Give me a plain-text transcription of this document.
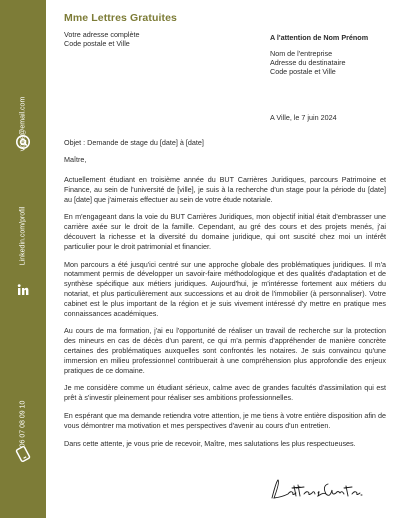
votre@email.com
Linkedin.com/profil
06 07 08 09 10
Mme Lettres Gratuites
Votre adresse complète
Code postale et Ville
A l'attention de Nom Prénom
Nom de l'entreprise
Adresse du destinataire
Code postale et Ville
A Ville, le 7 juin 2024
Objet : Demande de stage du [date] à [date]
Maître,

Actuellement étudiant en troisième année du BUT Carrières Juridiques, parcours Patrimoine et Finance, au sein de l'université de [ville], je suis à la recherche d'un stage pour la période du [date] au [date] que j'aimerais effectuer au sein de votre étude notariale.

En m'engageant dans la voie du BUT Carrières Juridiques, mon objectif initial était d'embrasser une carrière axée sur le droit de la famille. Cependant, au gré des cours et des projets menés, j'ai découvert la richesse et la diversité du domaine juridique, qui ont suscité chez moi un intérêt particulier pour le droit patrimonial et financier.

Mon parcours a été jusqu'ici centré sur une approche globale des problématiques juridiques. Il m'a notamment permis de développer un savoir-faire méthodologique et des qualités d'adaptation et de synthèse spécifique aux métiers juridiques. Aujourd'hui, je m'intéresse fortement aux métiers du notariat, et plus particulièrement aux successions et au droit de l'immobilier (à personnaliser). Votre cabinet est le plus important de la région et je suis vivement intéressé d'y mettre en pratique mes connaissances académiques.

Au cours de ma formation, j'ai eu l'opportunité de réaliser un travail de recherche sur la protection des mineurs en cas de décès d'un parent, ce qui m'a permis d'appréhender de manière concrète certaines des problématiques auxquelles sont confrontés les notaires. Je suis convaincu qu'une immersion en milieu professionnel contribuerait à une compréhension plus approfondie des enjeux pratiques de ce domaine.

Je me considère comme un étudiant sérieux, calme avec de grandes facultés d'assimilation qui est prêt à s'investir pleinement pour réaliser ses ambitions professionnelles.

En espérant que ma demande retiendra votre attention, je me tiens à votre entière disposition afin de vous démontrer ma motivation et mes perspectives d'avenir au cours d'un entretien.

Dans cette attente, je vous prie de recevoir, Maître, mes salutations les plus respectueuses.
